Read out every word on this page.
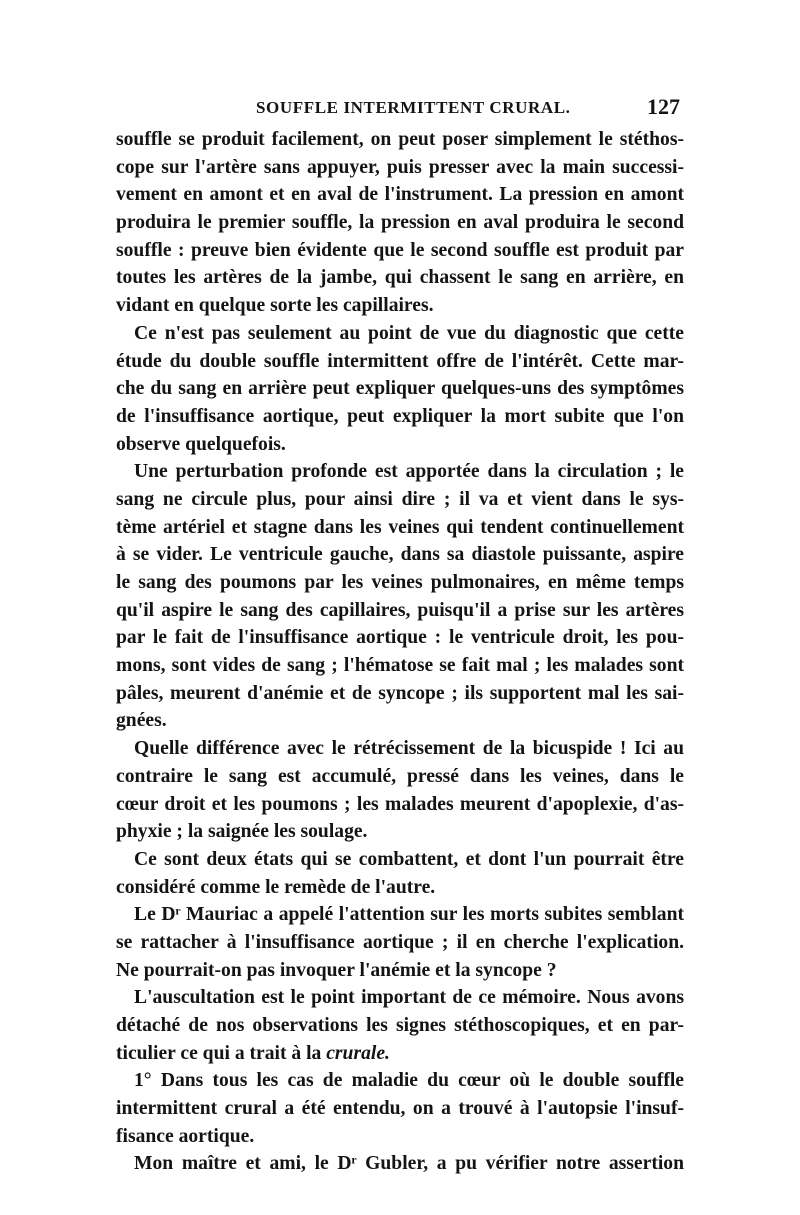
SOUFFLE INTERMITTENT CRURAL.	127
souffle se produit facilement, on peut poser simplement le stéthos-
cope sur l'artère sans appuyer, puis presser avec la main successi-
vement en amont et en aval de l'instrument. La pression en amont
produira le premier souffle, la pression en aval produira le second
souffle : preuve bien évidente que le second souffle est produit par
toutes les artères de la jambe, qui chassent le sang en arrière, en
vidant en quelque sorte les capillaires.
Ce n'est pas seulement au point de vue du diagnostic que cette
étude du double souffle intermittent offre de l'intérêt. Cette mar-
che du sang en arrière peut expliquer quelques-uns des symptômes
de l'insuffisance aortique, peut expliquer la mort subite que l'on
observe quelquefois.
Une perturbation profonde est apportée dans la circulation ; le
sang ne circule plus, pour ainsi dire ; il va et vient dans le sys-
tème artériel et stagne dans les veines qui tendent continuellement
à se vider. Le ventricule gauche, dans sa diastole puissante, aspire
le sang des poumons par les veines pulmonaires, en même temps
qu'il aspire le sang des capillaires, puisqu'il a prise sur les artères
par le fait de l'insuffisance aortique : le ventricule droit, les pou-
mons, sont vides de sang ; l'hématose se fait mal ; les malades sont
pâles, meurent d'anémie et de syncope ; ils supportent mal les sai-
gnées.
Quelle différence avec le rétrécissement de la bicuspide ! Ici au
contraire le sang est accumulé, pressé dans les veines, dans le
cœur droit et les poumons ; les malades meurent d'apoplexie, d'as-
phyxie ; la saignée les soulage.
Ce sont deux états qui se combattent, et dont l'un pourrait être
considéré comme le remède de l'autre.
Le Dʳ Mauriac a appelé l'attention sur les morts subites semblant
se rattacher à l'insuffisance aortique ; il en cherche l'explication.
Ne pourrait-on pas invoquer l'anémie et la syncope ?
L'auscultation est le point important de ce mémoire. Nous avons
détaché de nos observations les signes stéthoscopiques, et en par-
ticulier ce qui a trait à la crurale.
1° Dans tous les cas de maladie du cœur où le double souffle
intermittent crural a été entendu, on a trouvé à l'autopsie l'insuf-
fisance aortique.
Mon maître et ami, le Dʳ Gubler, a pu vérifier notre assertion
